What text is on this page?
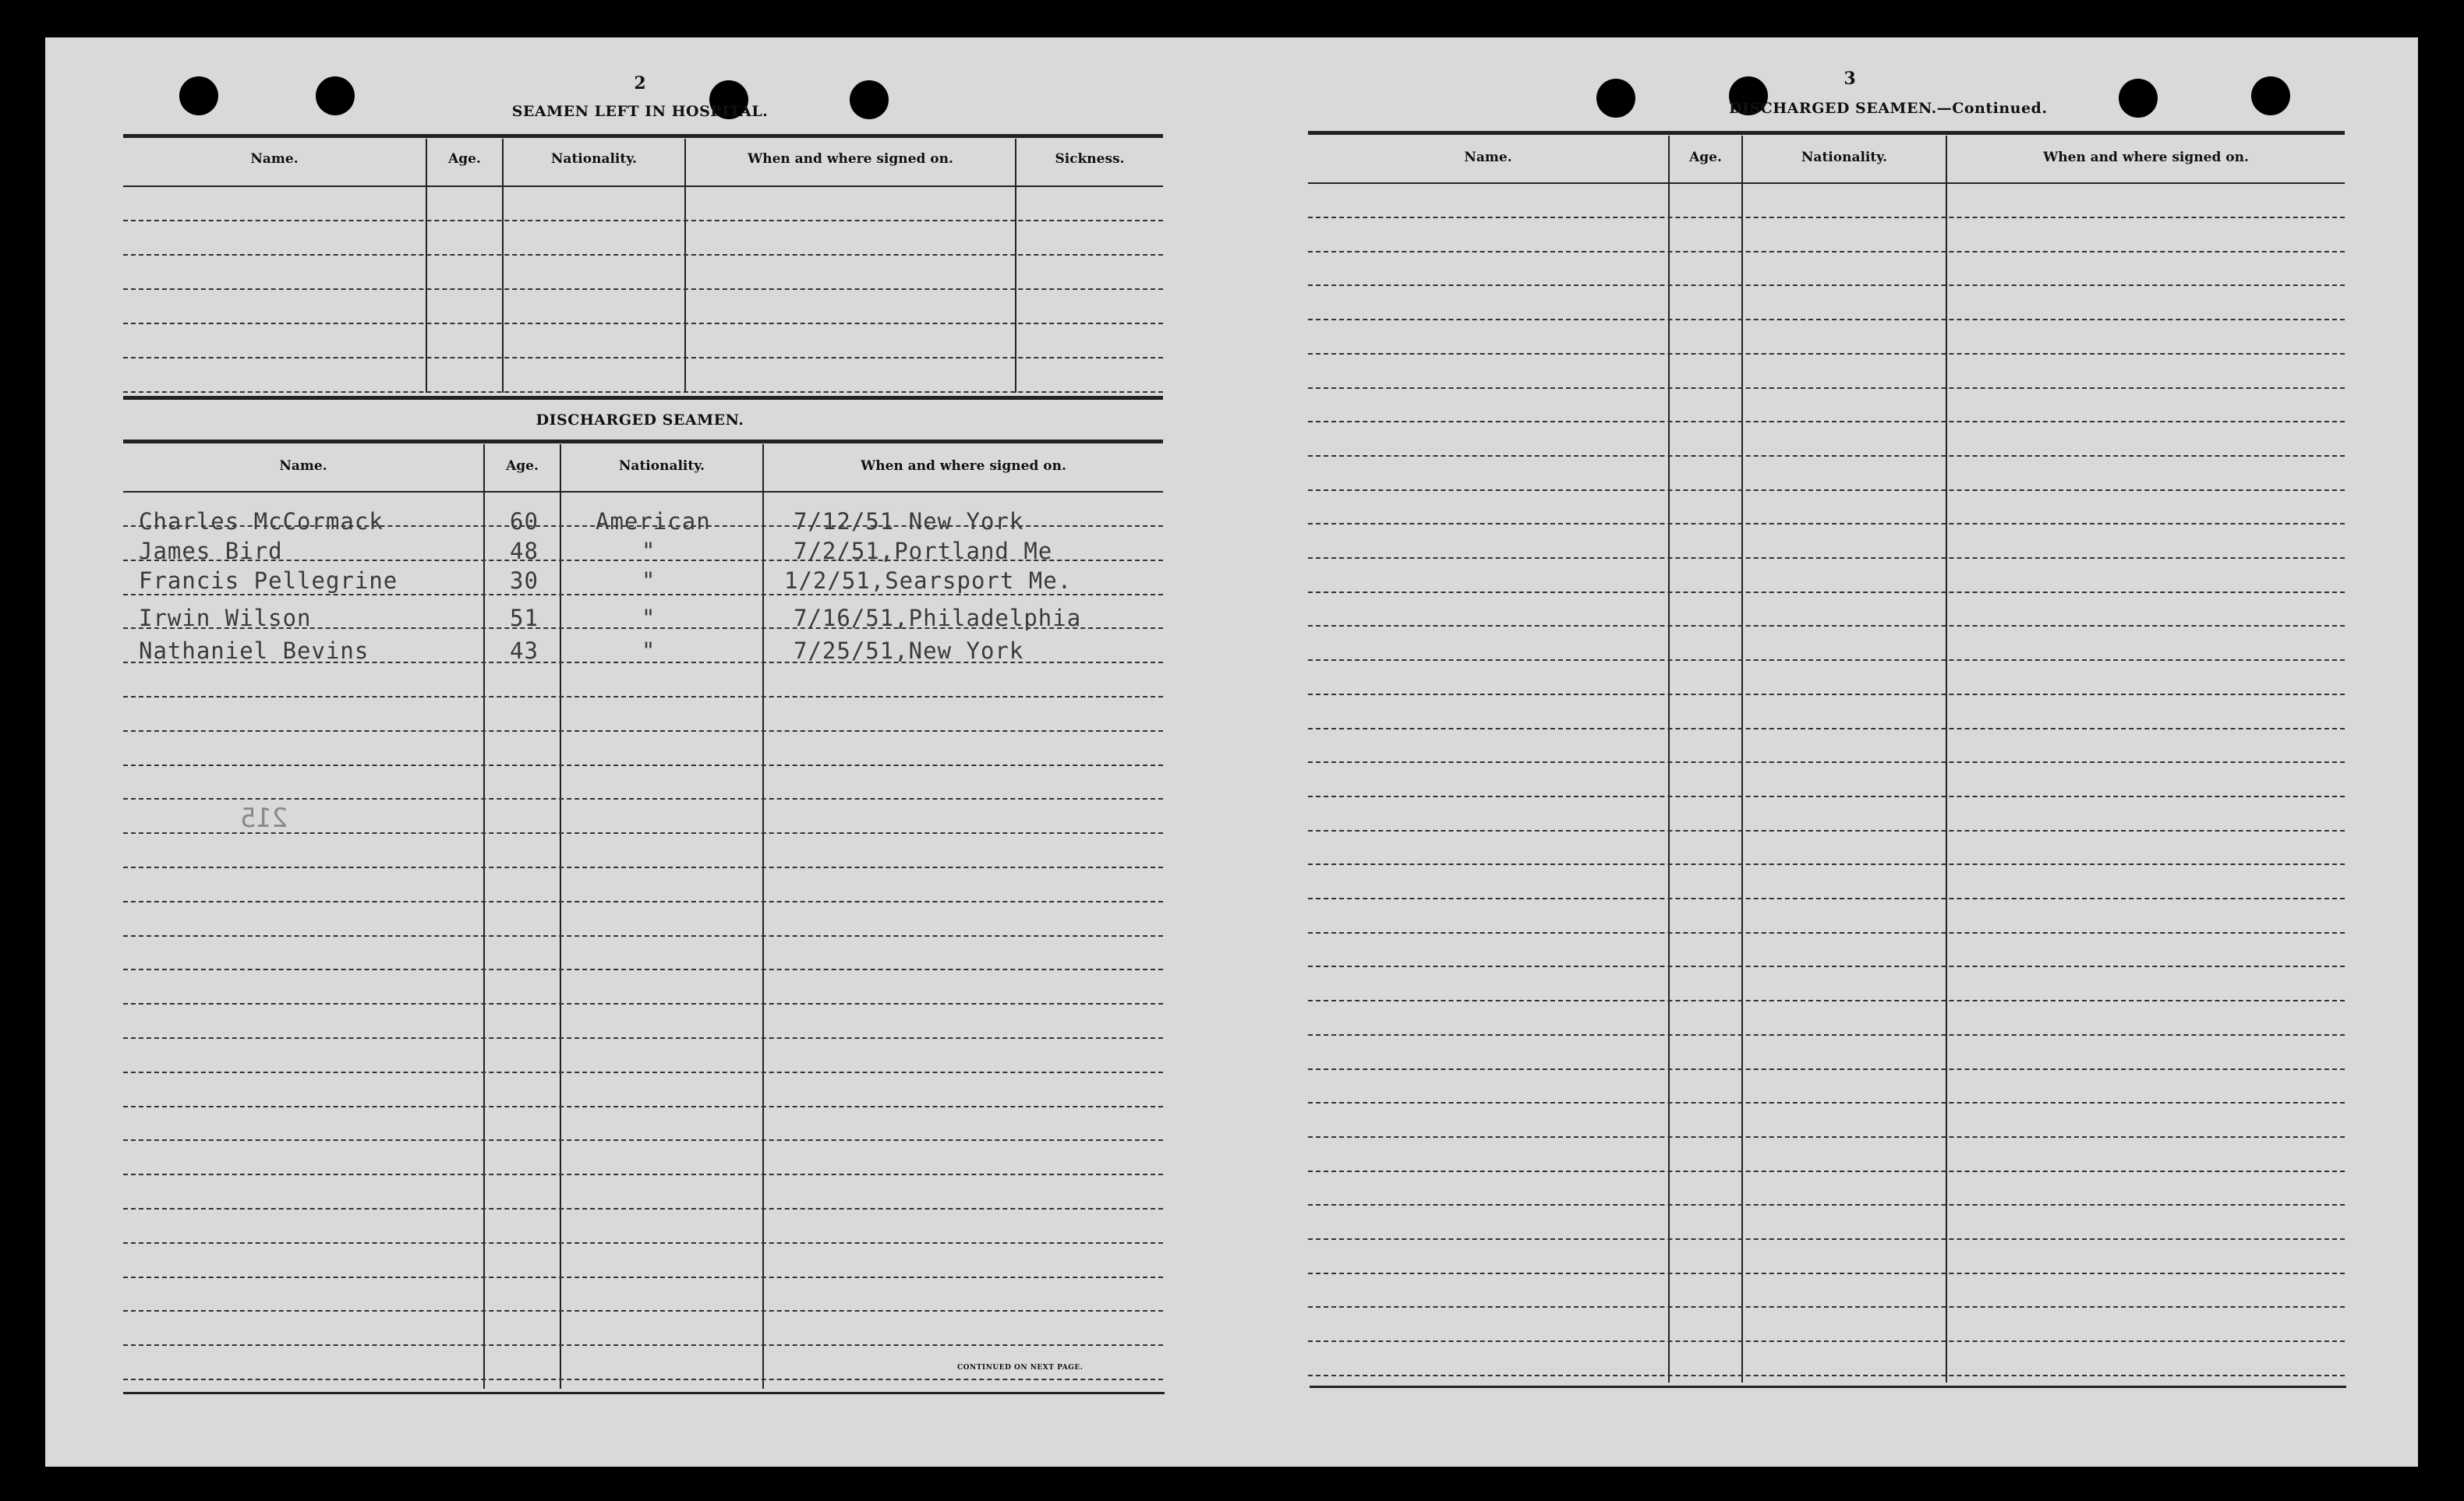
2
SEAMEN LEFT IN HOSPITAL.
Name.	Age.	Nationality.	When and where signed on.	Sickness.
DISCHARGED SEAMEN.
Name.	Age.	Nationality.	When and where signed on.
Charles McCormack	60	American	7/12/51 New York
James Bird	48	"	7/2/51,Portland Me
Francis Pellegrine	30	"	1/2/51,Searsport Me.
Irwin Wilson	51	"	7/16/51,Philadelphia
Nathaniel Bevins	43	"	7/25/51,New York
215
CONTINUED ON NEXT PAGE.
3
DISCHARGED SEAMEN.—Continued.
Name.	Age.	Nationality.	When and where signed on.
